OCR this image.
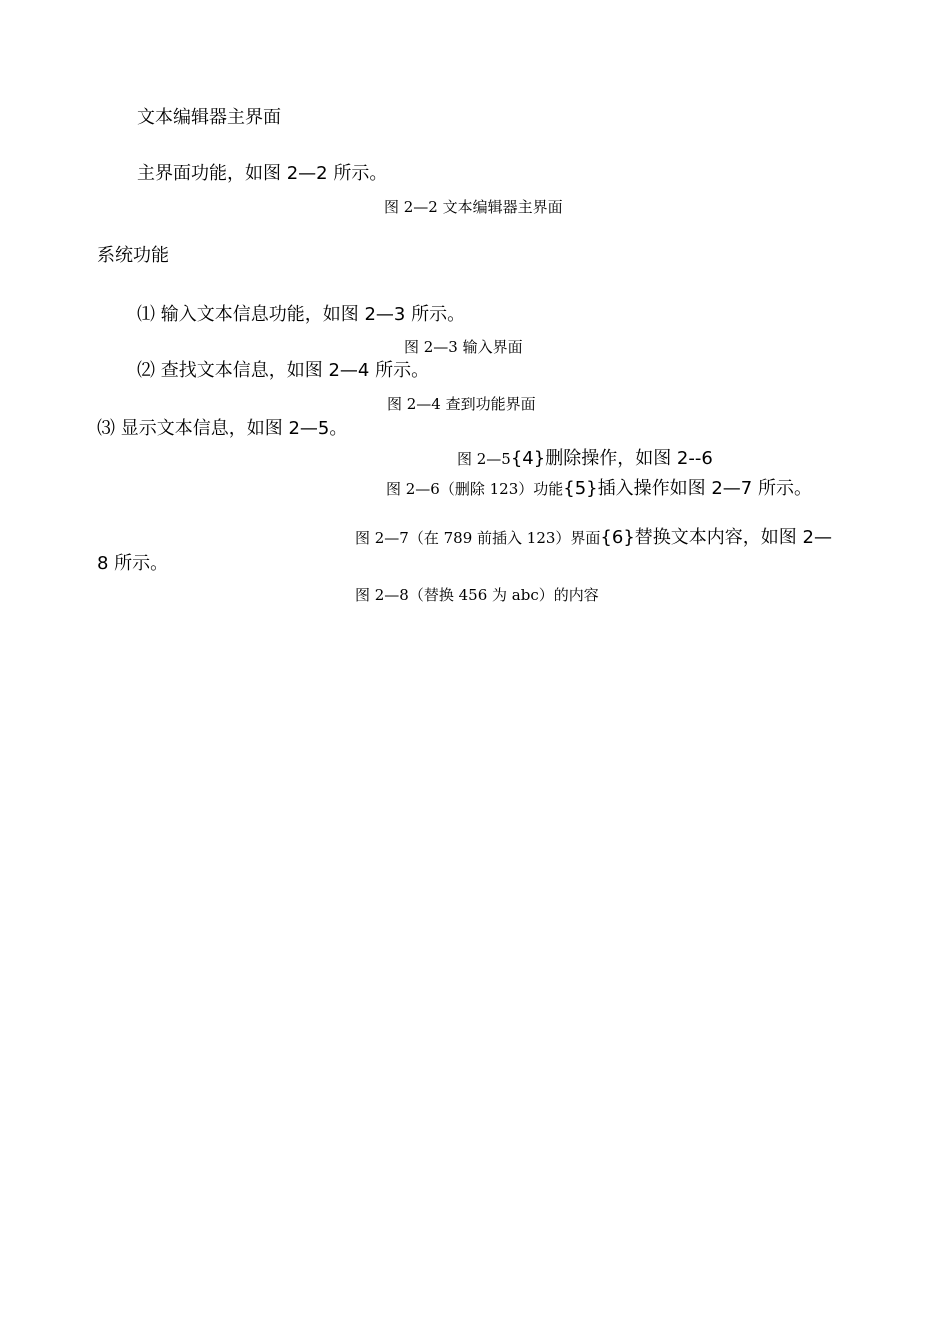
文本编辑器主界面
主界面功能，如图 2—2 所示。
图 2—2 文本编辑器主界面
系统功能
⑴ 输入文本信息功能，如图 2—3 所示。
图 2—3 输入界面
⑵ 查找文本信息，如图 2—4 所示。
图 2—4 查到功能界面
⑶ 显示文本信息，如图 2—5。
图 2—5{4}删除操作，如图 2--6
图 2—6（删除 123）功能{5}插入操作如图 2—7 所示。
图 2—7（在 789 前插入 123）界面{6}替换文本内容，如图 2—
8 所示。
图 2—8（替换 456 为 abc）的内容
